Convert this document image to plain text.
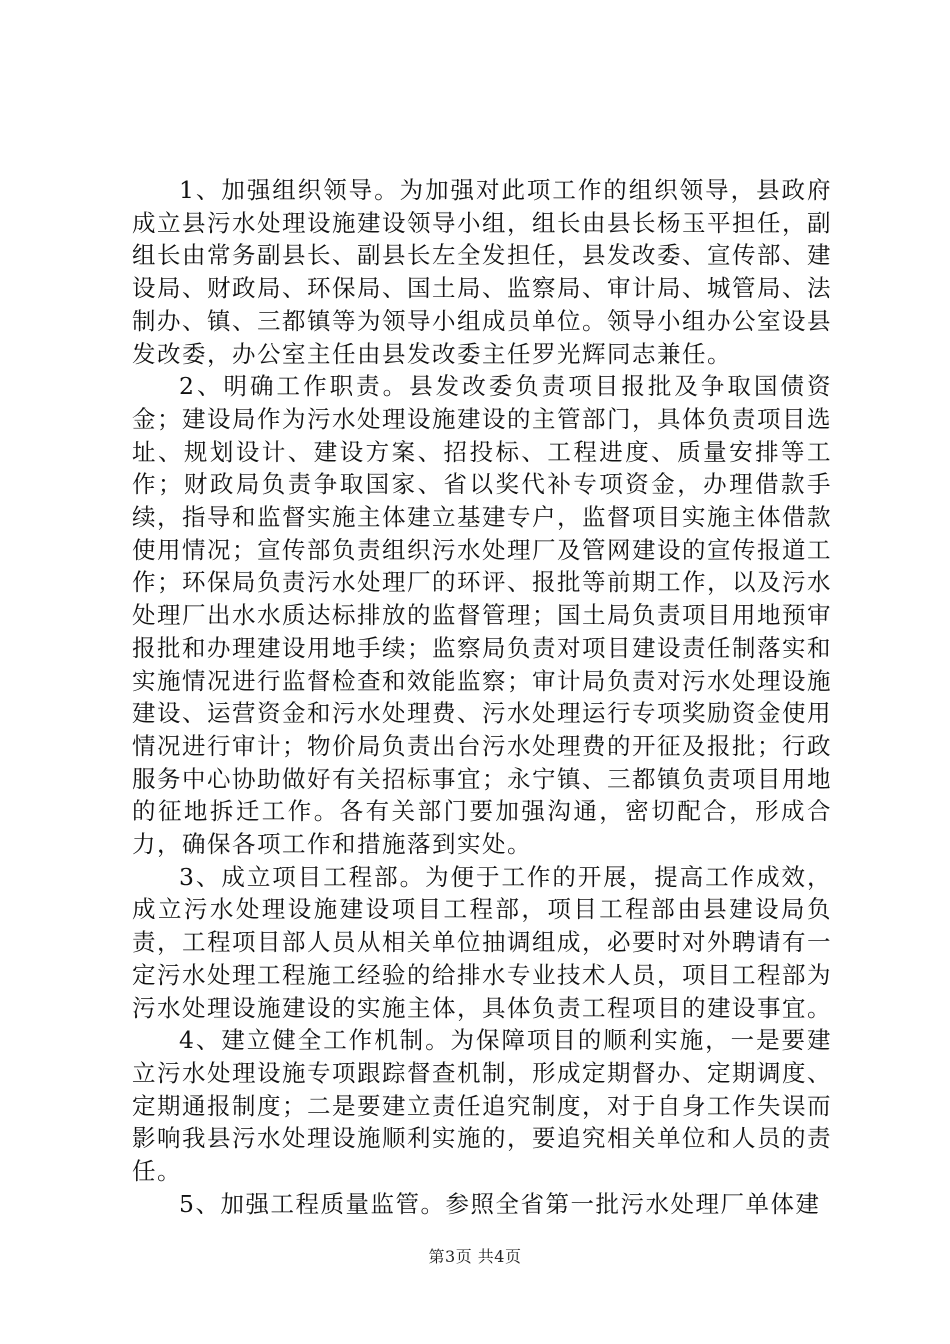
1、加强组织领导。为加强对此项工作的组织领导，县政府成立县污水处理设施建设领导小组，组长由县长杨玉平担任，副组长由常务副县长、副县长左全发担任，县发改委、宣传部、建设局、财政局、环保局、国土局、监察局、审计局、城管局、法制办、镇、三都镇等为领导小组成员单位。领导小组办公室设县发改委，办公室主任由县发改委主任罗光辉同志兼任。

2、明确工作职责。县发改委负责项目报批及争取国债资金；建设局作为污水处理设施建设的主管部门，具体负责项目选址、规划设计、建设方案、招投标、工程进度、质量安排等工作；财政局负责争取国家、省以奖代补专项资金，办理借款手续，指导和监督实施主体建立基建专户，监督项目实施主体借款使用情况；宣传部负责组织污水处理厂及管网建设的宣传报道工作；环保局负责污水处理厂的环评、报批等前期工作，以及污水处理厂出水水质达标排放的监督管理；国土局负责项目用地预审报批和办理建设用地手续；监察局负责对项目建设责任制落实和实施情况进行监督检查和效能监察；审计局负责对污水处理设施建设、运营资金和污水处理费、污水处理运行专项奖励资金使用情况进行审计；物价局负责出台污水处理费的开征及报批；行政服务中心协助做好有关招标事宜；永宁镇、三都镇负责项目用地的征地拆迁工作。各有关部门要加强沟通，密切配合，形成合力，确保各项工作和措施落到实处。

3、成立项目工程部。为便于工作的开展，提高工作成效，成立污水处理设施建设项目工程部，项目工程部由县建设局负责，工程项目部人员从相关单位抽调组成，必要时对外聘请有一定污水处理工程施工经验的给排水专业技术人员，项目工程部为污水处理设施建设的实施主体，具体负责工程项目的建设事宜。

4、建立健全工作机制。为保障项目的顺利实施，一是要建立污水处理设施专项跟踪督查机制，形成定期督办、定期调度、定期通报制度；二是要建立责任追究制度，对于自身工作失误而影响我县污水处理设施顺利实施的，要追究相关单位和人员的责任。

5、加强工程质量监管。参照全省第一批污水处理厂单体建

第3页 共4页
